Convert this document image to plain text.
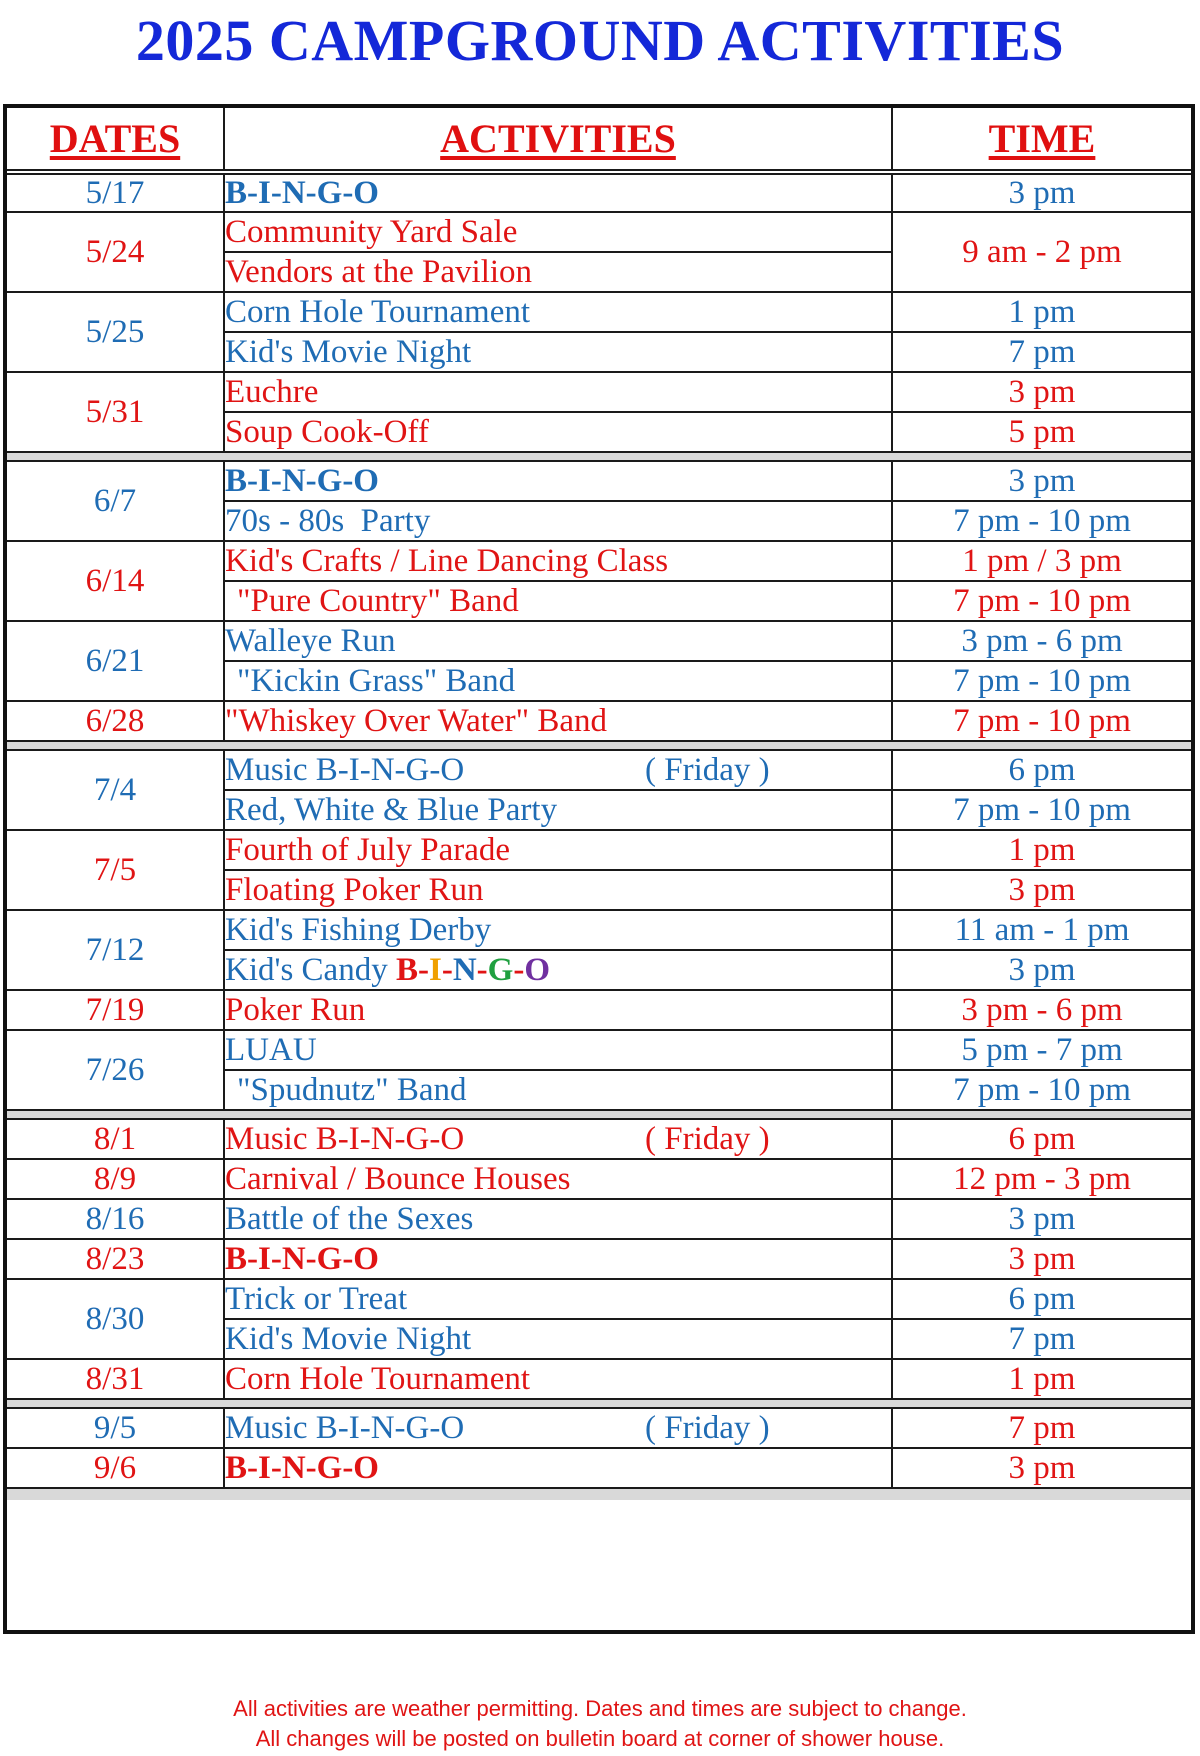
2025 CAMPGROUND ACTIVITIES
DATES	ACTIVITIES	TIME
5/17	B-I-N-G-O	3 pm
5/24	Community Yard Sale	9 am - 2 pm
	Vendors at the Pavilion	
5/25	Corn Hole Tournament	1 pm
	Kid's Movie Night	7 pm
5/31	Euchre	3 pm
	Soup Cook-Off	5 pm

6/7	B-I-N-G-O	3 pm
	70s - 80s  Party	7 pm - 10 pm
6/14	Kid's Crafts / Line Dancing Class	1 pm / 3 pm
	"Pure Country" Band	7 pm - 10 pm
6/21	Walleye Run	3 pm - 6 pm
	"Kickin Grass" Band	7 pm - 10 pm
6/28	"Whiskey Over Water" Band	7 pm - 10 pm

7/4	Music B-I-N-G-O ( Friday )	6 pm
	Red, White & Blue Party	7 pm - 10 pm
7/5	Fourth of July Parade	1 pm
	Floating Poker Run	3 pm
7/12	Kid's Fishing Derby	11 am - 1 pm
	Kid's Candy B-I-N-G-O	3 pm
7/19	Poker Run	3 pm - 6 pm
7/26	LUAU	5 pm - 7 pm
	"Spudnutz" Band	7 pm - 10 pm

8/1	Music B-I-N-G-O ( Friday )	6 pm
8/9	Carnival / Bounce Houses	12 pm - 3 pm
8/16	Battle of the Sexes	3 pm
8/23	B-I-N-G-O	3 pm
8/30	Trick or Treat	6 pm
	Kid's Movie Night	7 pm
8/31	Corn Hole Tournament	1 pm

9/5	Music B-I-N-G-O ( Friday )	7 pm
9/6	B-I-N-G-O	3 pm

All activities are weather permitting. Dates and times are subject to change.
All changes will be posted on bulletin board at corner of shower house.
